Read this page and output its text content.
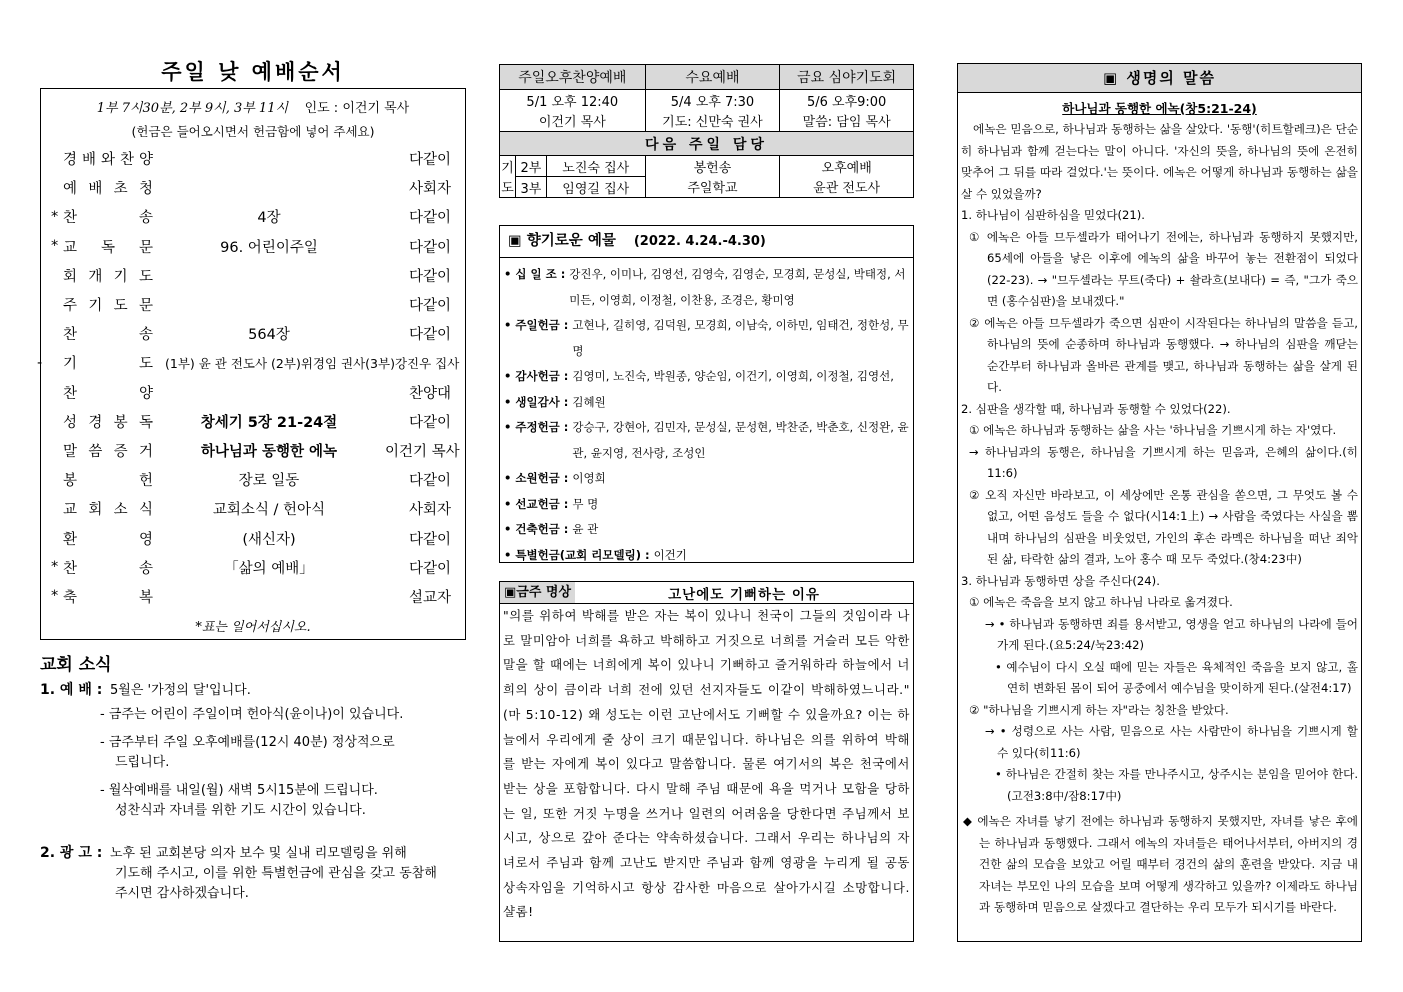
주일 낮 예배순서
1부 7시30분, 2부 9시, 3부 11시 인도 : 이건기 목사
(헌금은 들어오시면서 헌금함에 넣어 주세요)
경 배 와 찬 양	다같이
예 배 초 청	사회자
* 찬	송	4장	다같이
* 교 독 문	96. 어린이주일	다같이
회 개 기 도	다같이
주 기 도 문	다같이
찬	송	564장	다같이
- 기	도 (1부) 윤 관 전도사 (2부)위경임 권사(3부)강진우 집사
찬	양	찬양대
성 경 봉 독	창세기 5장 21-24절	다같이
말 씀 증 거	하나님과 동행한 에녹	이건기 목사
봉	헌	장로 일동	다같이
교 회 소 식	교회소식 / 헌아식	사회자
환	영	(새신자)	다같이
* 찬	송	「삶의 예배」	다같이
* 축	복	설교자
*표는 일어서십시오.
교회 소식
1. 예 배 : 5월은 '가정의 달'입니다.
- 금주는 어린이 주일이며 헌아식(윤이나)이 있습니다.
- 금주부터 주일 오후예배를(12시 40분) 정상적으로
드립니다.
- 월삭예배를 내일(월) 새벽 5시15분에 드립니다.
성찬식과 자녀를 위한 기도 시간이 있습니다.
2. 광 고 : 노후 된 교회본당 의자 보수 및 실내 리모델링을 위해
기도해 주시고, 이를 위한 특별헌금에 관심을 갖고 동참해
주시면 감사하겠습니다.
주일오후찬양예배			수요예배	금요 심야기도회
5/1 오후 12:40			5/4 오후 7:30	5/6 오후9:00
이건기 목사			기도: 신만숙 권사	말씀: 담임 목사
다음 주일 담당				
기	2부	노진숙 집사	봉헌송	오후예배
도	3부	임영길 집사	주일학교	윤관 전도사
▣ 향기로운 예물 (2022. 4.24.-4.30)
• 십 일 조 : 강진우, 이미나, 김영선, 김영숙, 김영순, 모경희, 문성실, 박태정, 서미든, 이영희, 이정철, 이찬용, 조경은, 황미영
• 주일헌금 : 고현나, 길히영, 김덕원, 모경희, 이남숙, 이하민, 임태건, 정한성, 무 명
• 감사헌금 : 김영미, 노진숙, 박원종, 양순임, 이건기, 이영희, 이정철, 김영선,
• 생일감사 : 김혜원
• 주정헌금 : 강승구, 강현아, 김민자, 문성실, 문성현, 박찬준, 박춘호, 신정완, 윤 관, 윤지영, 전사랑, 조성인
• 소원헌금 : 이영희
• 선교헌금 : 무 명
• 건축헌금 : 윤 관
• 특별헌금(교회 리모델링) : 이건기
▣금주 명상	고난에도 기뻐하는 이유
"의를 위하여 박해를 받은 자는 복이 있나니 천국이 그들의 것임이라 나로 말미암아 너희를 욕하고 박해하고 거짓으로 너희를 거슬러 모든 악한 말을 할 때에는 너희에게 복이 있나니 기뻐하고 즐거워하라 하늘에서 너희의 상이 큼이라 너희 전에 있던 선지자들도 이같이 박해하였느니라."(마 5:10-12) 왜 성도는 이런 고난에서도 기뻐할 수 있을까요? 이는 하늘에서 우리에게 줄 상이 크기 때문입니다. 하나님은 의를 위하여 박해를 받는 자에게 복이 있다고 말씀합니다. 물론 여기서의 복은 천국에서 받는 상을 포함합니다. 다시 말해 주님 때문에 욕을 먹거나 모함을 당하는 일, 또한 거짓 누명을 쓰거나 일련의 어려움을 당한다면 주님께서 보시고, 상으로 갚아 준다는 약속하셨습니다. 그래서 우리는 하나님의 자녀로서 주님과 함께 고난도 받지만 주님과 함께 영광을 누리게 될 공동 상속자임을 기억하시고 항상 감사한 마음으로 살아가시길 소망합니다. 샬롬!
▣ 생명의 말씀
하나님과 동행한 에녹(창5:21-24)
에녹은 믿음으로, 하나님과 동행하는 삶을 살았다. '동행'(히트할레크)은 단순히 하나님과 함께 걷는다는 말이 아니다. '자신의 뜻을, 하나님의 뜻에 온전히 맞추어 그 뒤를 따라 걸었다.'는 뜻이다. 에녹은 어떻게 하나님과 동행하는 삶을 살 수 있었을까?
1. 하나님이 심판하심을 믿었다(21).
① 에녹은 아들 므두셀라가 태어나기 전에는, 하나님과 동행하지 못했지만, 65세에 아들을 낳은 이후에 에녹의 삶을 바꾸어 놓는 전환점이 되었다(22-23). → "므두셀라는 무트(죽다) + 솰라흐(보내다) = 즉, "그가 죽으면 (홍수심판)을 보내겠다."
② 에녹은 아들 므두셀라가 죽으면 심판이 시작된다는 하나님의 말씀을 듣고, 하나님의 뜻에 순종하며 하나님과 동행했다. → 하나님의 심판을 깨닫는 순간부터 하나님과 올바른 관계를 맺고, 하나님과 동행하는 삶을 살게 된다.
2. 심판을 생각할 때, 하나님과 동행할 수 있었다(22).
① 에녹은 하나님과 동행하는 삶을 사는 '하나님을 기쁘시게 하는 자'였다.
→ 하나님과의 동행은, 하나님을 기쁘시게 하는 믿음과, 은혜의 삶이다.(히11:6)
② 오직 자신만 바라보고, 이 세상에만 온통 관심을 쏟으면, 그 무엇도 볼 수 없고, 어떤 음성도 들을 수 없다(시14:1上) → 사람을 죽였다는 사실을 뽐내며 하나님의 심판을 비웃었던, 가인의 후손 라멕은 하나님을 떠난 죄악 된 삶, 타락한 삶의 결과, 노아 홍수 때 모두 죽었다.(창4:23中)
3. 하나님과 동행하면 상을 주신다(24).
① 에녹은 죽음을 보지 않고 하나님 나라로 옮겨졌다.
→ • 하나님과 동행하면 죄를 용서받고, 영생을 얻고 하나님의 나라에 들어가게 된다.(요5:24/눅23:42)
• 예수님이 다시 오실 때에 믿는 자들은 육체적인 죽음을 보지 않고, 홀연히 변화된 몸이 되어 공중에서 예수님을 맞이하게 된다.(살전4:17)
② "하나님을 기쁘시게 하는 자"라는 칭찬을 받았다.
→ • 성령으로 사는 사람, 믿음으로 사는 사람만이 하나님을 기쁘시게 할 수 있다(히11:6)
• 하나님은 간절히 찾는 자를 만나주시고, 상주시는 분임을 믿어야 한다.(고전3:8中/잠8:17中)
◆ 에녹은 자녀를 낳기 전에는 하나님과 동행하지 못했지만, 자녀를 낳은 후에는 하나님과 동행했다. 그래서 에녹의 자녀들은 태어나서부터, 아버지의 경건한 삶의 모습을 보았고 어릴 때부터 경건의 삶의 훈련을 받았다. 지금 내 자녀는 부모인 나의 모습을 보며 어떻게 생각하고 있을까? 이제라도 하나님과 동행하며 믿음으로 살겠다고 결단하는 우리 모두가 되시기를 바란다.
